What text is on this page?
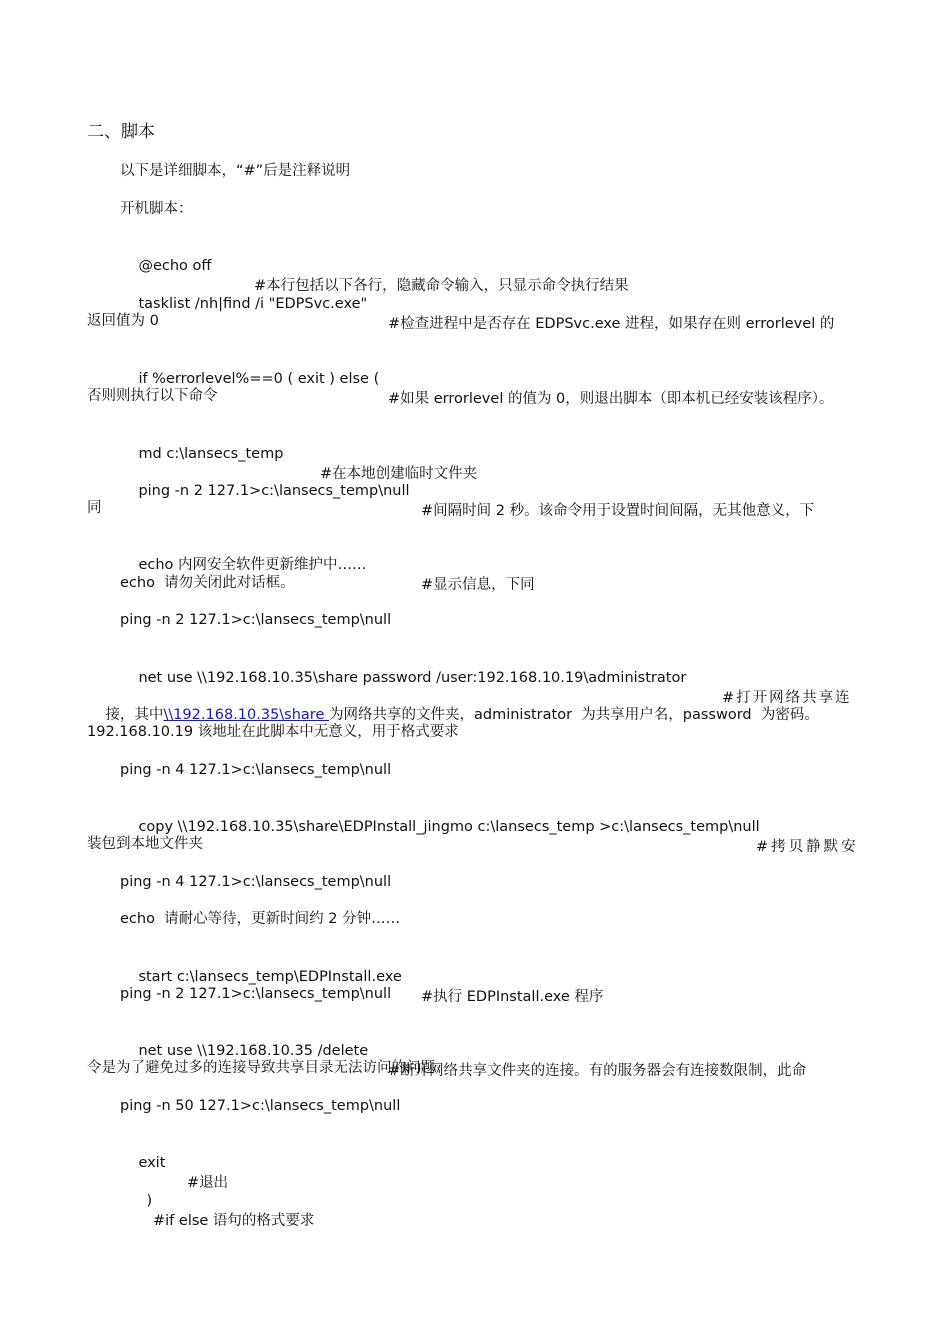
二、脚本
以下是详细脚本，“#”后是注释说明
开机脚本：

@echo off

#本行包括以下各行，隐藏命令输入，只显示命令执行结果

tasklist /nh|find /i "EDPSvc.exe"

#检查进程中是否存在 EDPSvc.exe 进程，如果存在则 errorlevel 的

返回值为 0

if %errorlevel%==0 ( exit ) else (

#如果 errorlevel 的值为 0，则退出脚本（即本机已经安装该程序）。

否则则执行以下命令

md c:\lansecs_temp

#在本地创建临时文件夹

ping -n 2 127.1>c:\lansecs_temp\null

#间隔时间 2 秒。该命令用于设置时间间隔，无其他意义，下

同

echo 内网安全软件更新维护中……

#显示信息，下同

echo  请勿关闭此对话框。
ping -n 2 127.1>c:\lansecs_temp\null

net use \\192.168.10.35\share password /user:192.168.10.19\administrator

#打开网络共享连

接，其中\\192.168.10.35\share 为网络共享的文件夹，administrator  为共享用户名，password  为密码。

192.168.10.19 该地址在此脚本中无意义，用于格式要求
ping -n 4 127.1>c:\lansecs_temp\null

copy \\192.168.10.35\share\EDPInstall_jingmo c:\lansecs_temp >c:\lansecs_temp\null

#拷贝静默安

装包到本地文件夹
ping -n 4 127.1>c:\lansecs_temp\null
echo  请耐心等待，更新时间约 2 分钟……

start c:\lansecs_temp\EDPInstall.exe

#执行 EDPInstall.exe 程序

ping -n 2 127.1>c:\lansecs_temp\null

net use \\192.168.10.35 /delete

#断开网络共享文件夹的连接。有的服务器会有连接数限制，此命

令是为了避免过多的连接导致共享目录无法访问的问题
ping -n 50 127.1>c:\lansecs_temp\null

exit

#退出

)

#if else 语句的格式要求
